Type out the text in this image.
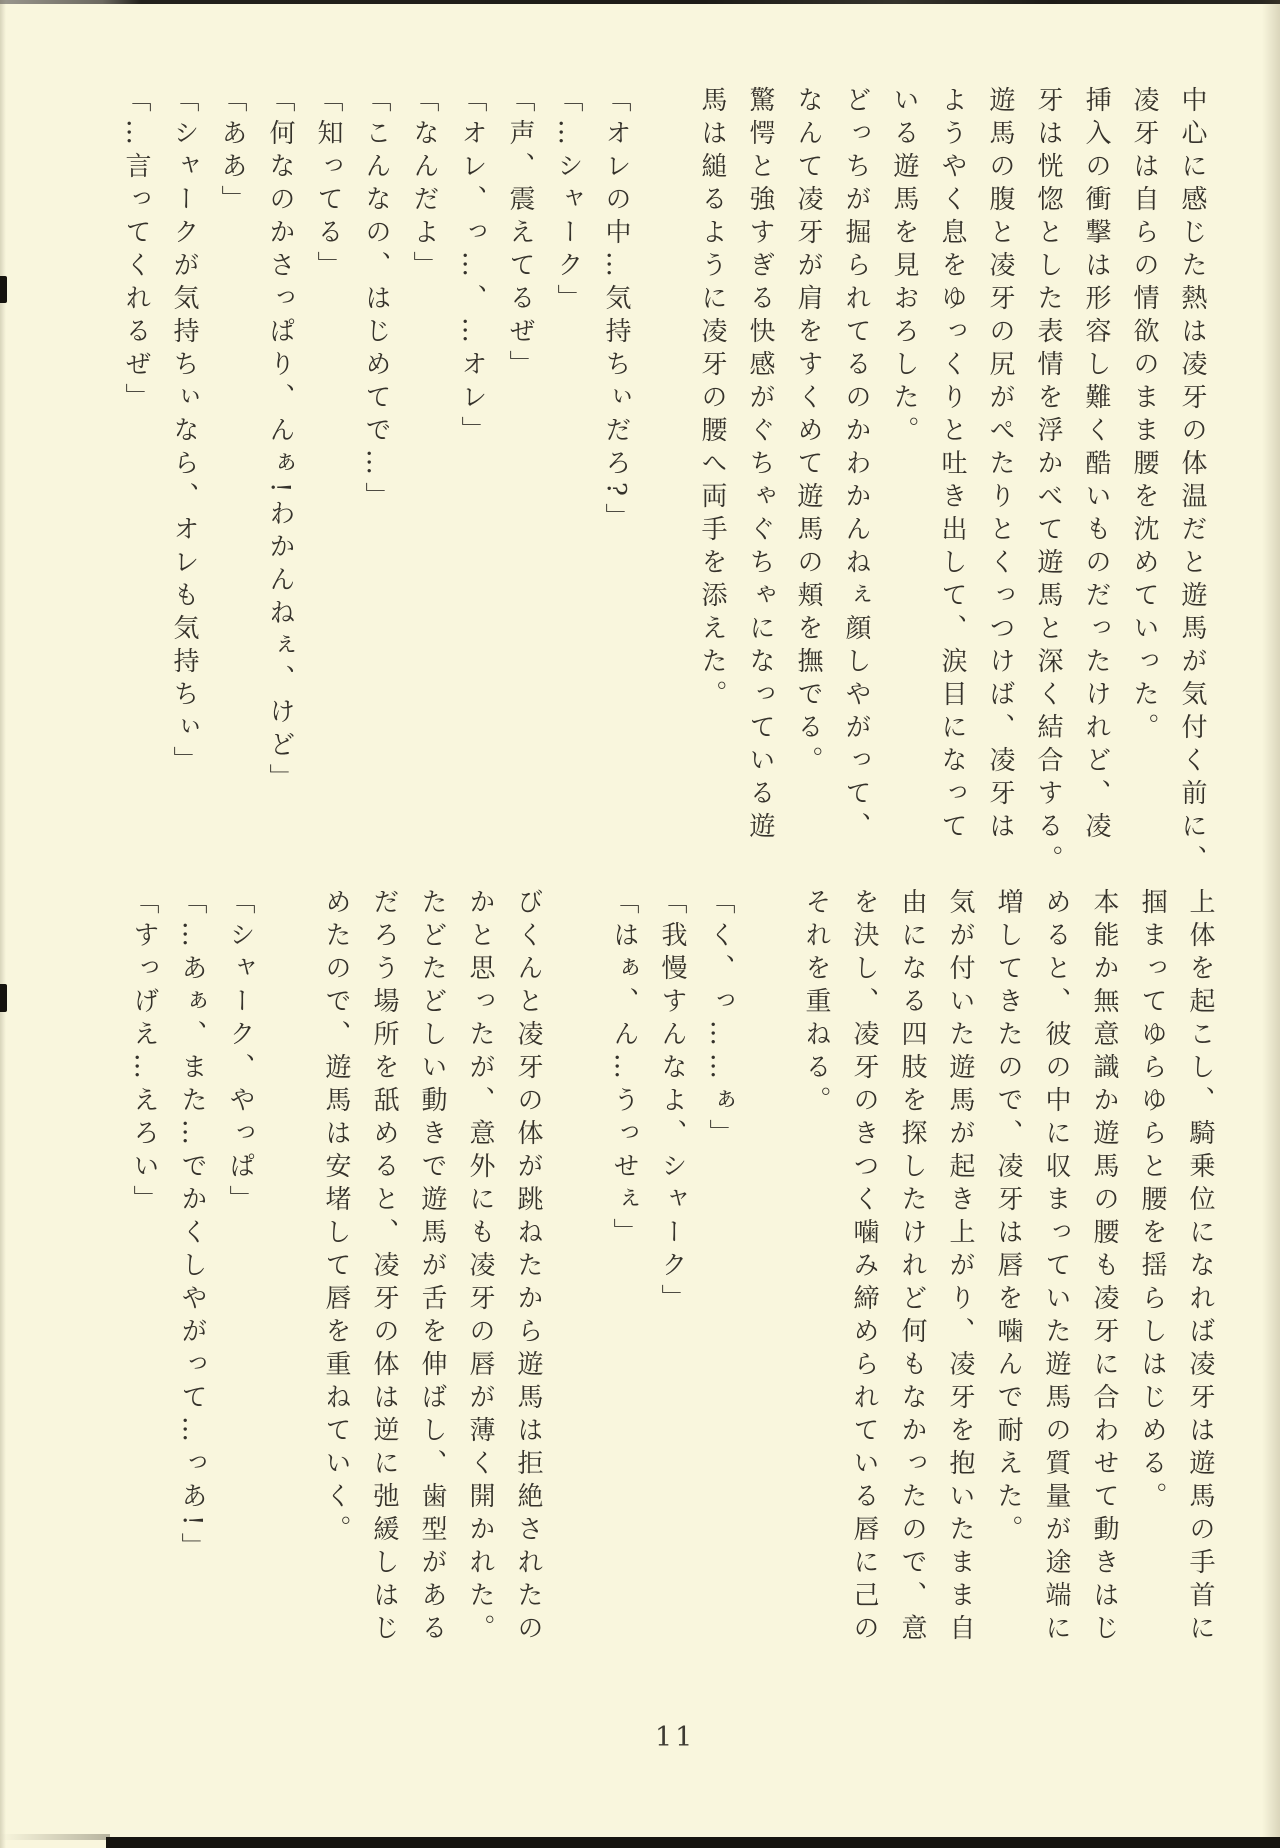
中心に感じた熱は凌牙の体温だと遊馬が気付く前に、
凌牙は自らの情欲のまま腰を沈めていった。
挿入の衝撃は形容し難く酷いものだったけれど、凌
牙は恍惚とした表情を浮かべて遊馬と深く結合する。
遊馬の腹と凌牙の尻がぺたりとくっつけば、凌牙は
ようやく息をゆっくりと吐き出して、涙目になって
いる遊馬を見おろした。
どっちが掘られてるのかわかんねぇ顔しやがって、
なんて凌牙が肩をすくめて遊馬の頬を撫でる。
驚愕と強すぎる快感がぐちゃぐちゃになっている遊
馬は縋るように凌牙の腰へ両手を添えた。

「オレの中…気持ちぃだろ?」
「…シャーク」
「声、震えてるぜ」
「オレ、っ…、…オレ」
「なんだよ」
「こんなの、はじめてで…」
「知ってる」
「何なのかさっぱり、んぁ!わかんねぇ、けど」
「ああ」
「シャークが気持ちぃなら、オレも気持ちぃ」
「…言ってくれるぜ」
上体を起こし、騎乗位になれば凌牙は遊馬の手首に
掴まってゆらゆらと腰を揺らしはじめる。
本能か無意識か遊馬の腰も凌牙に合わせて動きはじ
めると、彼の中に収まっていた遊馬の質量が途端に
増してきたので、凌牙は唇を噛んで耐えた。
気が付いた遊馬が起き上がり、凌牙を抱いたまま自
由になる四肢を探したけれど何もなかったので、意
を決し、凌牙のきつく噛み締められている唇に己の
それを重ねる。

「く、っ……ぁ」
「我慢すんなよ、シャーク」
「はぁ、ん…うっせぇ」

びくんと凌牙の体が跳ねたから遊馬は拒絶されたの
かと思ったが、意外にも凌牙の唇が薄く開かれた。
たどたどしい動きで遊馬が舌を伸ばし、歯型がある
だろう場所を舐めると、凌牙の体は逆に弛緩しはじ
めたので、遊馬は安堵して唇を重ねていく。

「シャーク、やっぱ」
「…あぁ、また…でかくしやがって…っあ!」
「すっげえ…えろい」
11
